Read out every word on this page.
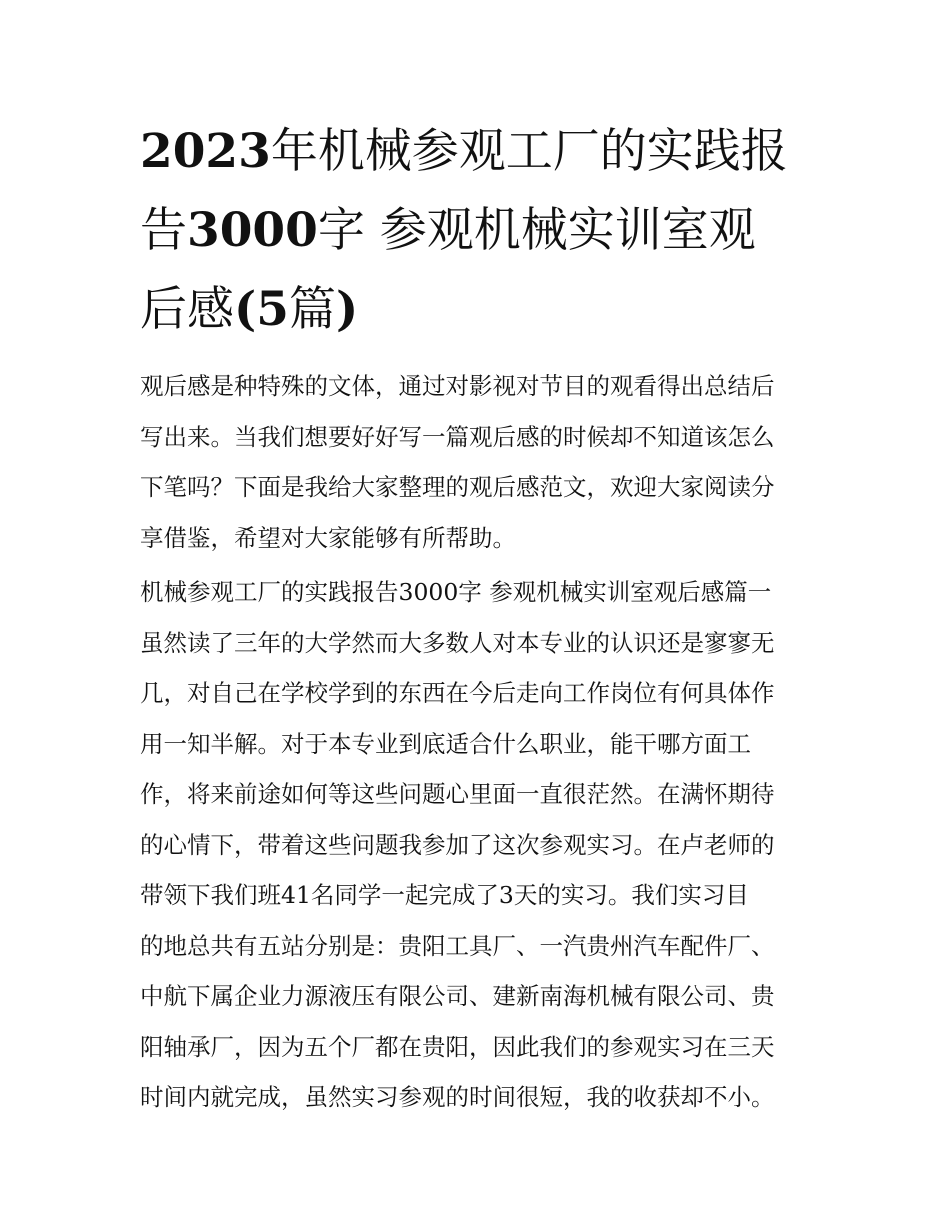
2023年机械参观工厂的实践报
告3000字 参观机械实训室观
后感(5篇)

观后感是种特殊的文体，通过对影视对节目的观看得出总结后
写出来。当我们想要好好写一篇观后感的时候却不知道该怎么
下笔吗？下面是我给大家整理的观后感范文，欢迎大家阅读分
享借鉴，希望对大家能够有所帮助。

机械参观工厂的实践报告3000字 参观机械实训室观后感篇一
虽然读了三年的大学然而大多数人对本专业的认识还是寥寥无
几，对自己在学校学到的东西在今后走向工作岗位有何具体作
用一知半解。对于本专业到底适合什么职业，能干哪方面工
作，将来前途如何等这些问题心里面一直很茫然。在满怀期待
的心情下，带着这些问题我参加了这次参观实习。在卢老师的
带领下我们班41名同学一起完成了3天的实习。我们实习目
的地总共有五站分别是：贵阳工具厂、一汽贵州汽车配件厂、
中航下属企业力源液压有限公司、建新南海机械有限公司、贵
阳轴承厂，因为五个厂都在贵阳，因此我们的参观实习在三天
时间内就完成，虽然实习参观的时间很短，我的收获却不小。
